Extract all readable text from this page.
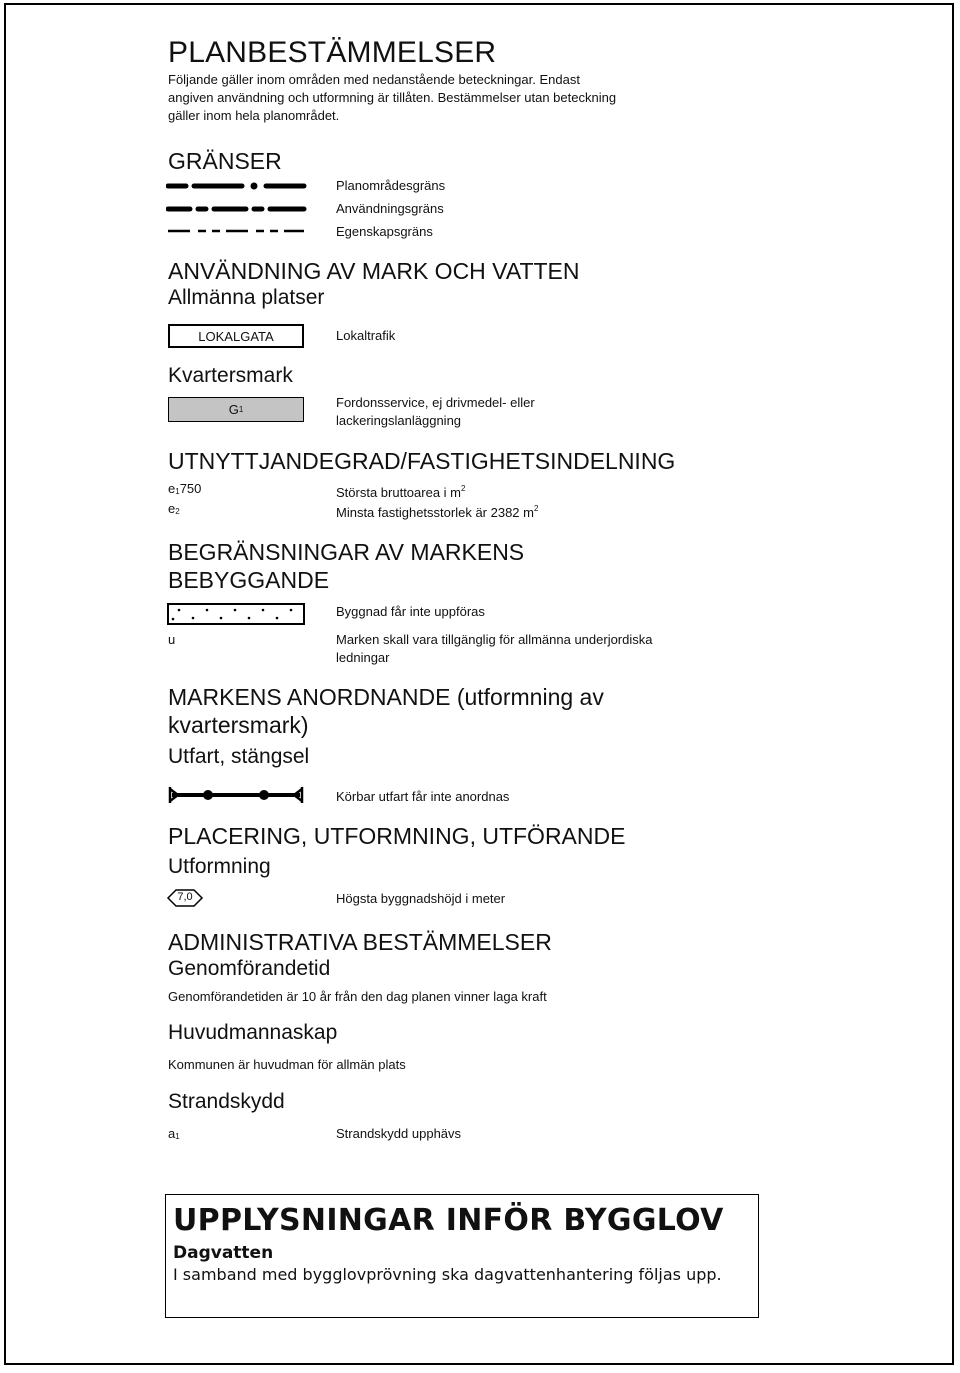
PLANBESTÄMMELSER
Följande gäller inom områden med nedanstående beteckningar. Endast
angiven användning och utformning är tillåten. Bestämmelser utan beteckning
gäller inom hela planområdet.
GRÄNSER
Planområdesgräns
Användningsgräns
Egenskapsgräns
ANVÄNDNING AV MARK OCH VATTEN
Allmänna platser
LOKALGATA	Lokaltrafik
Kvartersmark
G 1	Fordonsservice, ej drivmedel- eller
lackeringslanläggning
UTNYTTJANDEGRAD/FASTIGHETSINDELNING
e1750	Största bruttoarea i $m^2$
e2	Minsta fastighetsstorlek är 2382 $m^2$
BEGRÄNSNINGAR AV MARKENS
BEBYGGANDE
Byggnad får inte uppföras
u	Marken skall vara tillgänglig för allmänna underjordiska
ledningar
MARKENS ANORDNANDE (utformning av
kvartersmark)
Utfart, stängsel
Körbar utfart får inte anordnas
PLACERING, UTFORMNING, UTFÖRANDE
Utformning
7,0	Högsta byggnadshöjd i meter
ADMINISTRATIVA BESTÄMMELSER
Genomförandetid
Genomförandetiden är 10 år från den dag planen vinner laga kraft
Huvudmannaskap
Kommunen är huvudman för allmän plats
Strandskydd
a1	Strandskydd upphävs
UPPLYSNINGAR INFÖR BYGGLOV
Dagvatten
I samband med bygglovprövning ska dagvattenhantering följas upp.
